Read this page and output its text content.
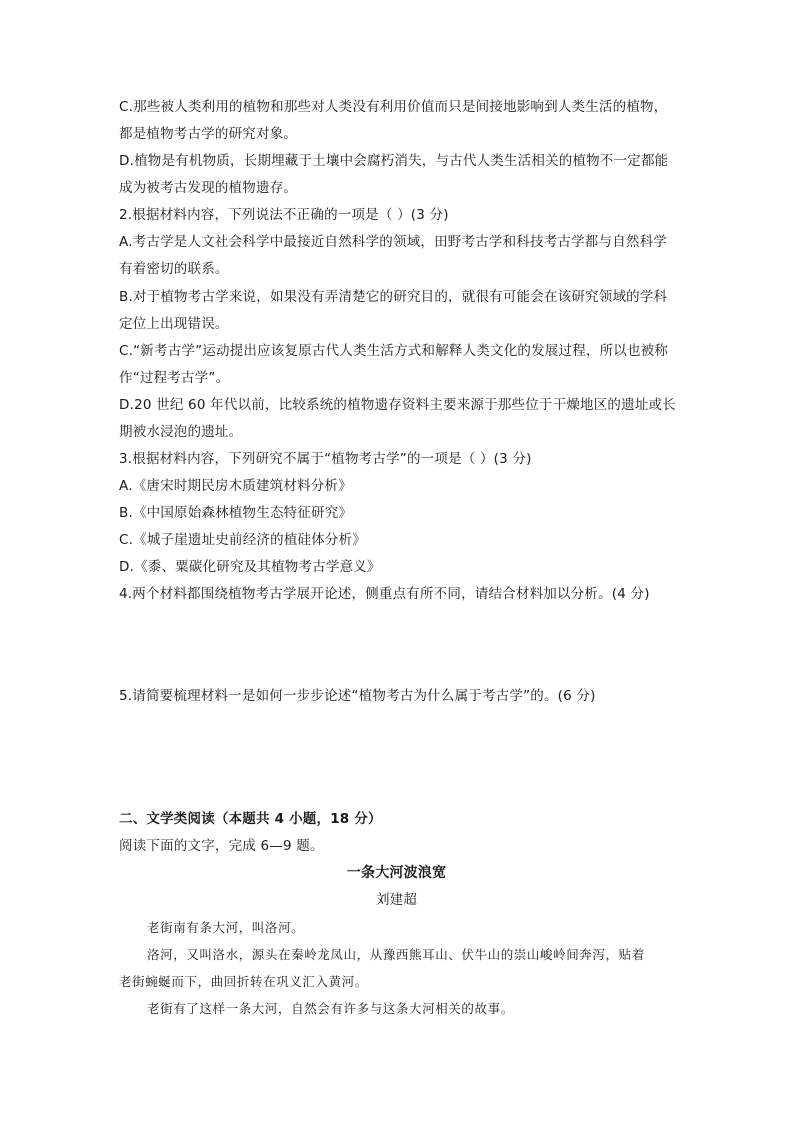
C.那些被人类利用的植物和那些对人类没有利用价值而只是间接地影响到人类生活的植物，
都是植物考古学的研究对象。
D.植物是有机物质，长期埋藏于土壤中会腐朽消失，与古代人类生活相关的植物不一定都能
成为被考古发现的植物遗存。
2.根据材料内容，下列说法不正确的一项是（ ）(3 分)
A.考古学是人文社会科学中最接近自然科学的领域，田野考古学和科技考古学都与自然科学
有着密切的联系。
B.对于植物考古学来说，如果没有弄清楚它的研究目的，就很有可能会在该研究领域的学科
定位上出现错误。
C.“新考古学”运动提出应该复原古代人类生活方式和解释人类文化的发展过程，所以也被称
作“过程考古学”。
D.20 世纪 60 年代以前，比较系统的植物遗存资料主要来源于那些位于干燥地区的遗址或长
期被水浸泡的遗址。
3.根据材料内容，下列研究不属于“植物考古学”的一项是（ ）(3 分)
A.《唐宋时期民房木质建筑材料分析》
B.《中国原始森林植物生态特征研究》
C.《城子崖遗址史前经济的植硅体分析》
D.《黍、粟碳化研究及其植物考古学意义》
4.两个材料都围绕植物考古学展开论述，侧重点有所不同，请结合材料加以分析。(4 分)
5.请简要梳理材料一是如何一步步论述“植物考古为什么属于考古学”的。(6 分)
二、文学类阅读（本题共 4 小题，18 分）
阅读下面的文字，完成 6—9 题。
一条大河波浪宽
刘建超
老街南有条大河，叫洛河。
洛河，又叫洛水，源头在秦岭龙凤山，从豫西熊耳山、伏牛山的崇山峻岭间奔泻，贴着
老街蜿蜒而下，曲回折转在巩义汇入黄河。
老街有了这样一条大河，自然会有许多与这条大河相关的故事。
